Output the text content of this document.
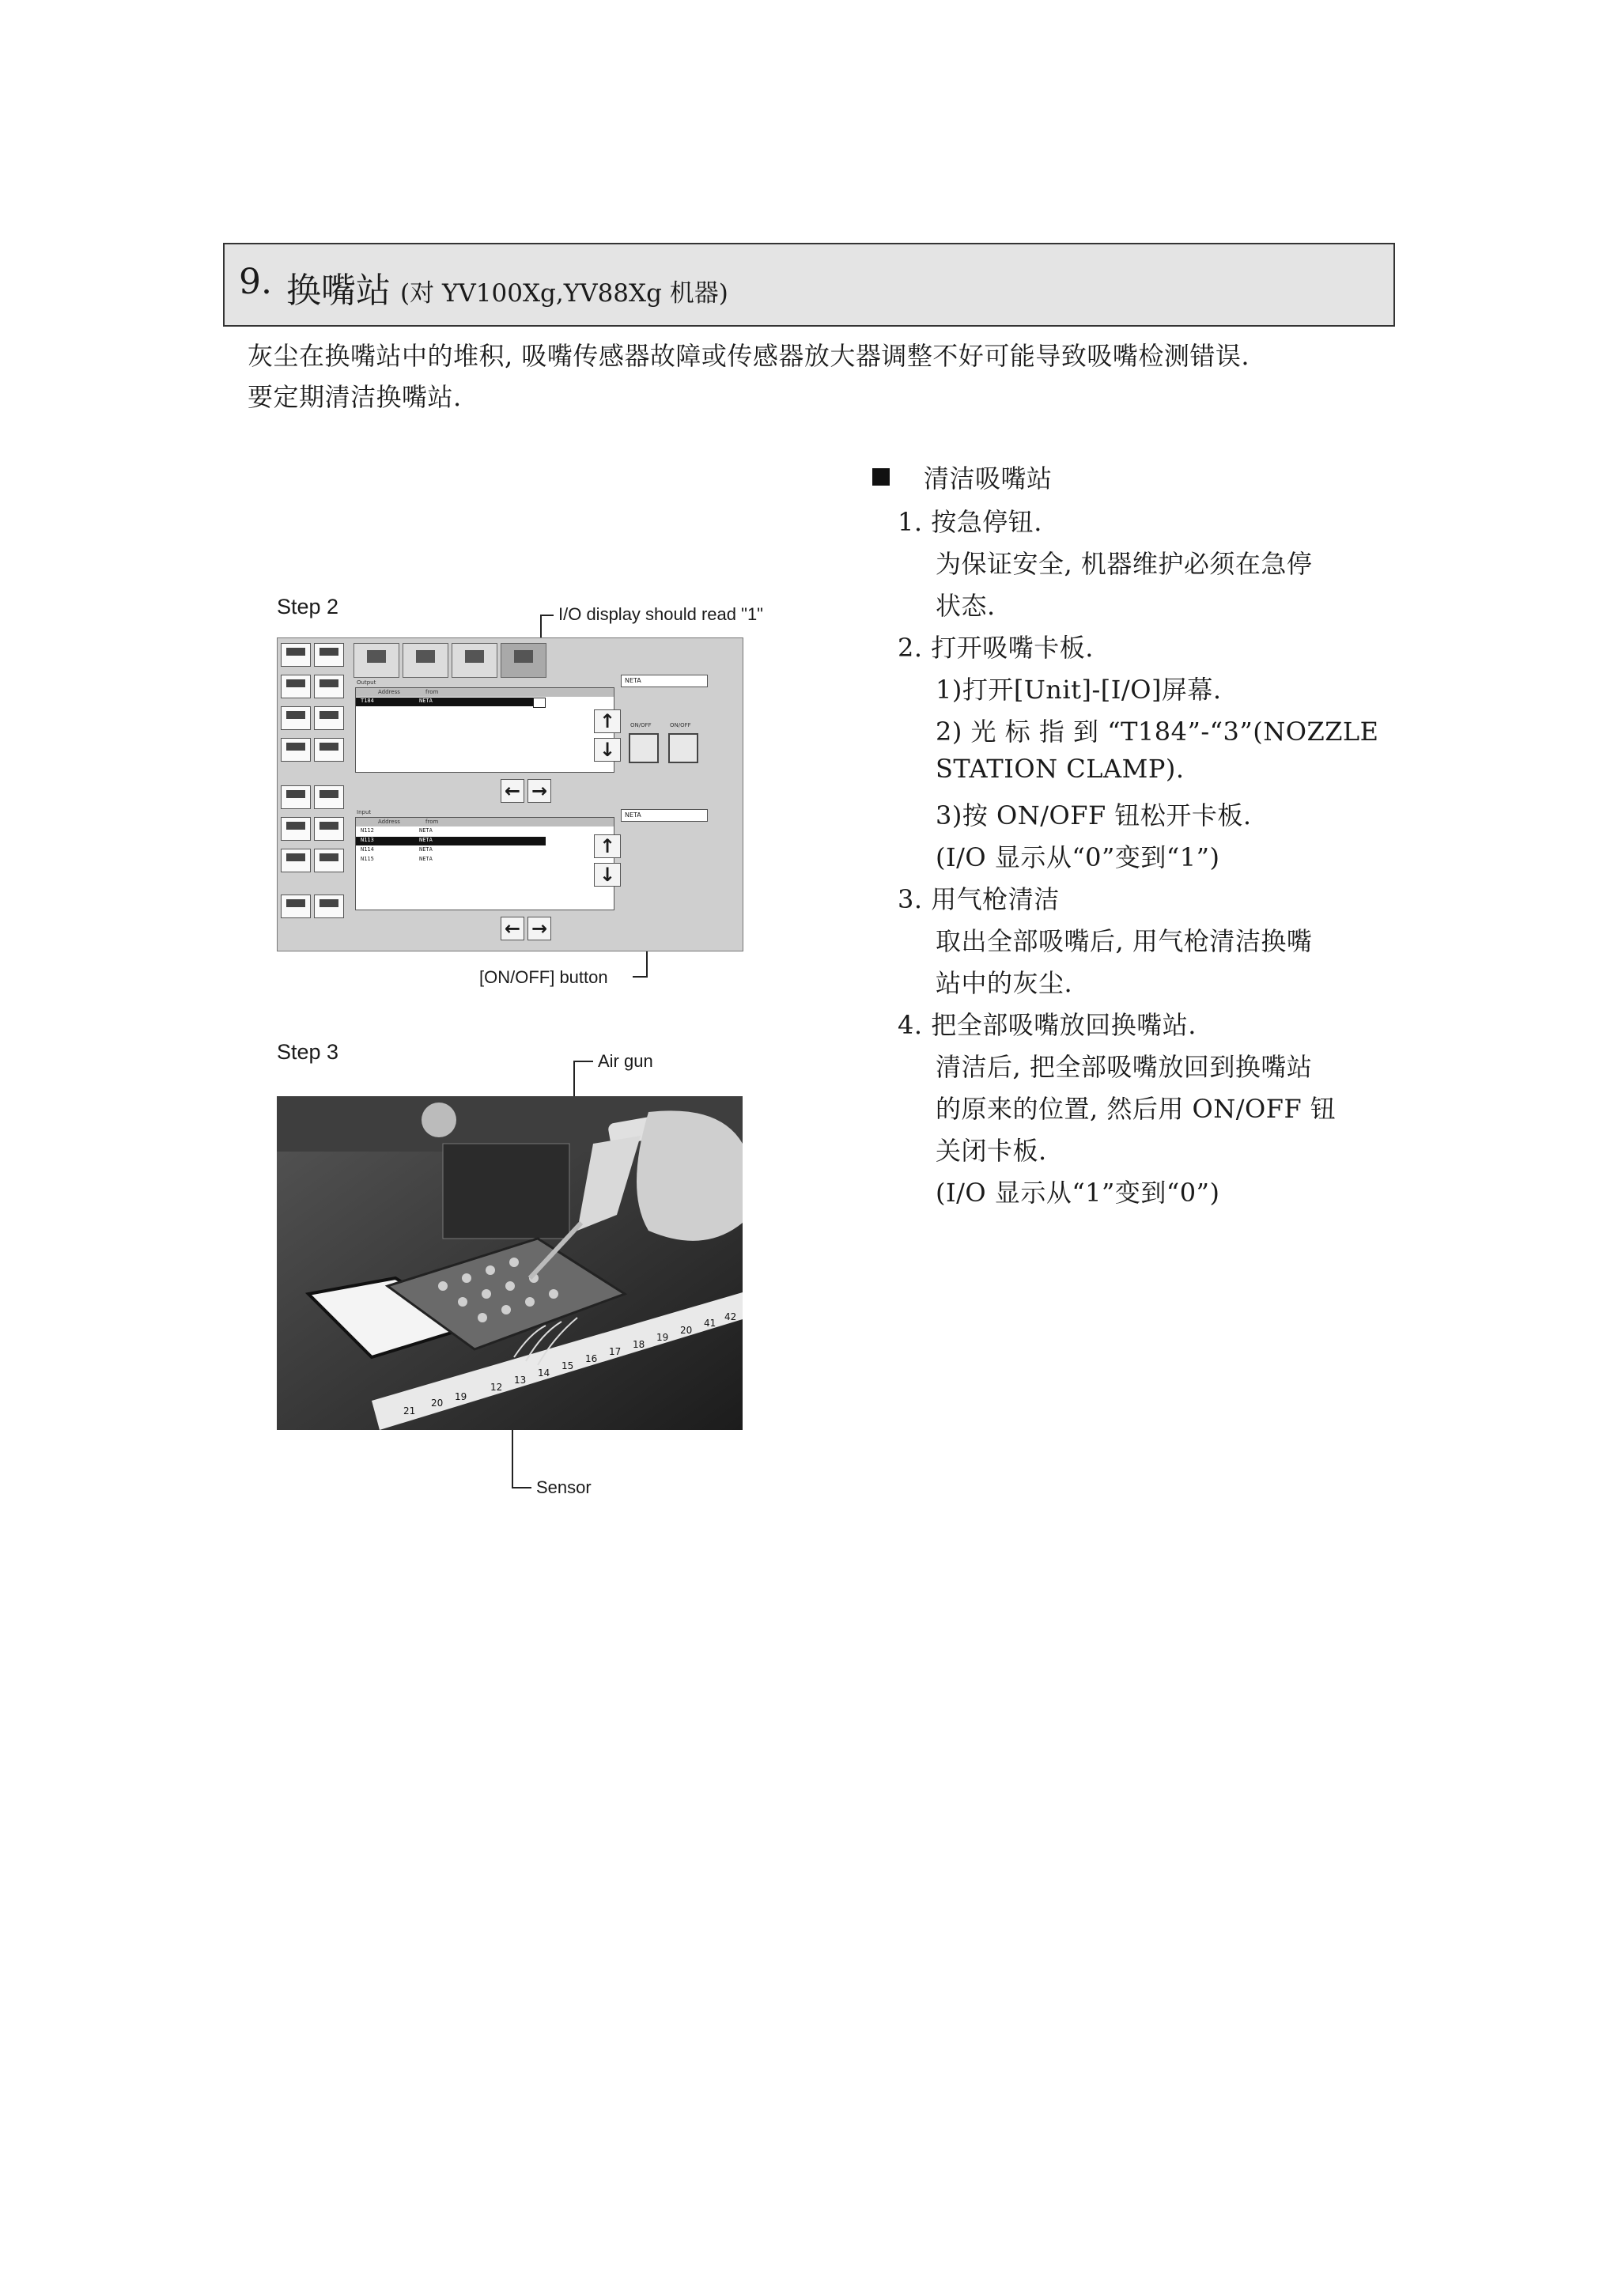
9. 换嘴站 (对 YV100Xg,YV88Xg 机器)
灰尘在换嘴站中的堆积, 吸嘴传感器故障或传感器放大器调整不好可能导致吸嘴检测错误.
要定期清洁换嘴站.
Step 2	I/O display should read "1"
[ON/OFF] button
Output
Address	from
T184	NETA
↑
↓
← →
NETA
ON/OFF	ON/OFF
Input
Address	from
N112	NETA
N113	NETA
N114	NETA
N115	NETA
↑
↓
← →
NETA
Step 3	Air gun
Sensor
21
20
19
12
13
14
15
16
17
18
19
20
41
42
清洁吸嘴站
1. 按急停钮.
为保证安全, 机器维护必须在急停
状态.
2. 打开吸嘴卡板.
1)打开[Unit]-[I/O]屏幕.
2) 光 标 指 到 “T184”-“3”(NOZZLE
STATION CLAMP).
3)按 ON/OFF 钮松开卡板.
(I/O 显示从“0”变到“1”)
3. 用气枪清洁
取出全部吸嘴后, 用气枪清洁换嘴
站中的灰尘.
4. 把全部吸嘴放回换嘴站.
清洁后, 把全部吸嘴放回到换嘴站
的原来的位置, 然后用 ON/OFF 钮
关闭卡板.
(I/O 显示从“1”变到“0”)
